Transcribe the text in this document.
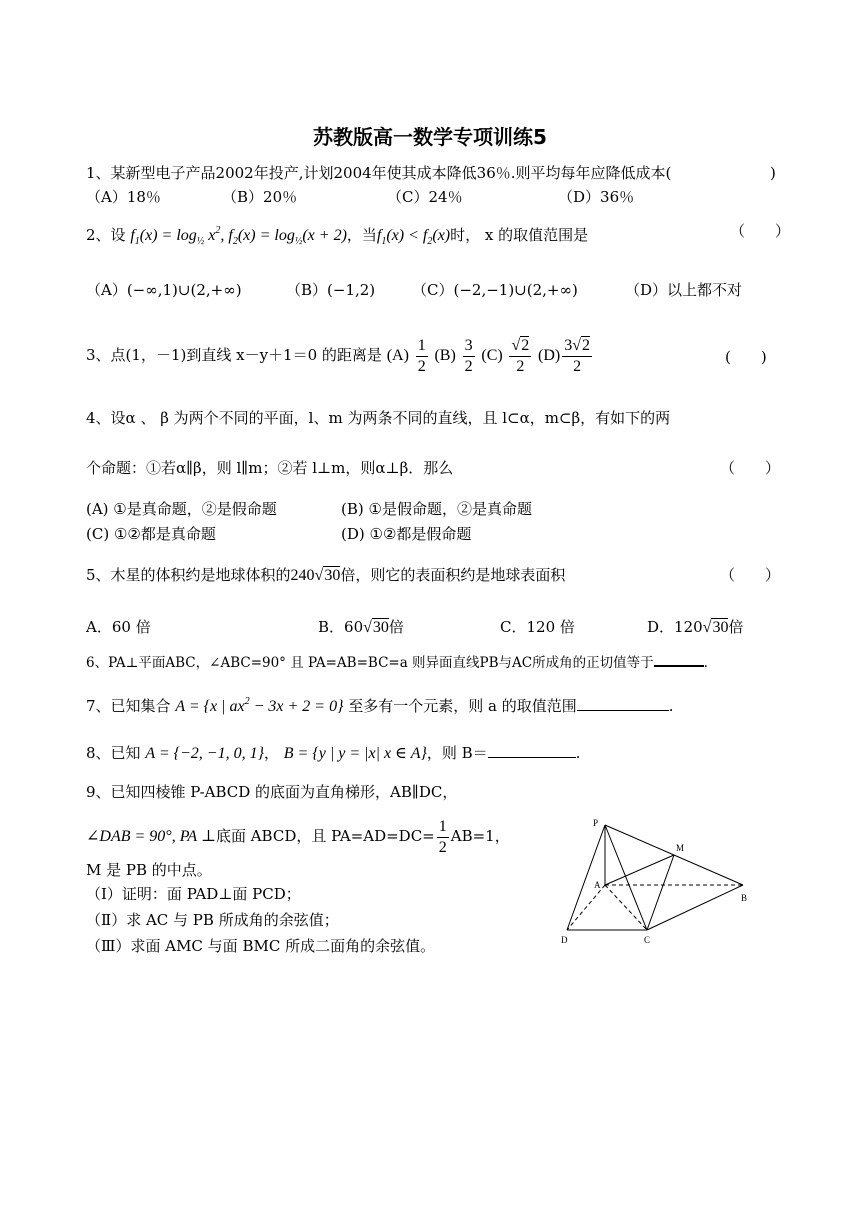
苏教版高一数学专项训练5
1、某新型电子产品2002年投产,计划2004年使其成本降低36％.则平均每年应降低成本(	)
（A）18％	（B）20％	（C）24％	（D）36％
2、设 $f_1(x) = \log_{\frac{1}{2}} x^2$, $f_2(x) = \log_{\frac{1}{2}}(x + 2)$，当$f_1(x) < f_2(x)$时， x 的取值范围是	（　　）
（A）(−∞,1)∪(2,+∞)	（B）(−1,2) （C）(−2,−1)∪(2,+∞)	（D）以上都不对
3、点(1，－1)到直线 x－y＋1＝0 的距离是 $(A) \frac{1}{2} (B) \frac{3}{2} (C) \frac{√2}{2} (D) \frac{3√2}{2}$	(　　)
4、设α 、 β 为两个不同的平面，l、m 为两条不同的直线，且 l⊂α，m⊂β，有如下的两
个命题：①若α∥β，则 l∥m；②若 l⊥m，则α⊥β．那么	（　　）
(A) ①是真命题，②是假命题	(B) ①是假命题，②是真命题
(C) ①②都是真命题	(D) ①②都是假命题
5、木星的体积约是地球体积的240√30倍，则它的表面积约是地球表面积	（　　）
A．60 倍	B．60√30倍	C．120 倍	D．120√30倍
6、PA⊥平面ABC，∠ABC=90° 且 PA=AB=BC=a 则异面直线PB与AC所成角的正切值等于	.
7、已知集合 A = {x | $ax^2 - 3x + 2 = 0$} 至多有一个元素，则 a 的取值范围	.
8、已知 A = {−2, −1, 0, 1}， B = {y | y = |x| x ∈ A}，则 B＝	.
9、已知四棱锥 P-ABCD 的底面为直角梯形，AB∥DC，
∠DAB = 90°, PA ⊥底面 ABCD，且 $PA=AD=DC= \frac{1}{2} AB=1$，
M 是 PB 的中点。
（Ⅰ）证明：面 PAD⊥面 PCD；
（Ⅱ）求 AC 与 PB 所成角的余弦值；
（Ⅲ）求面 AMC 与面 BMC 所成二面角的余弦值。
P
M
A
B
D	C
